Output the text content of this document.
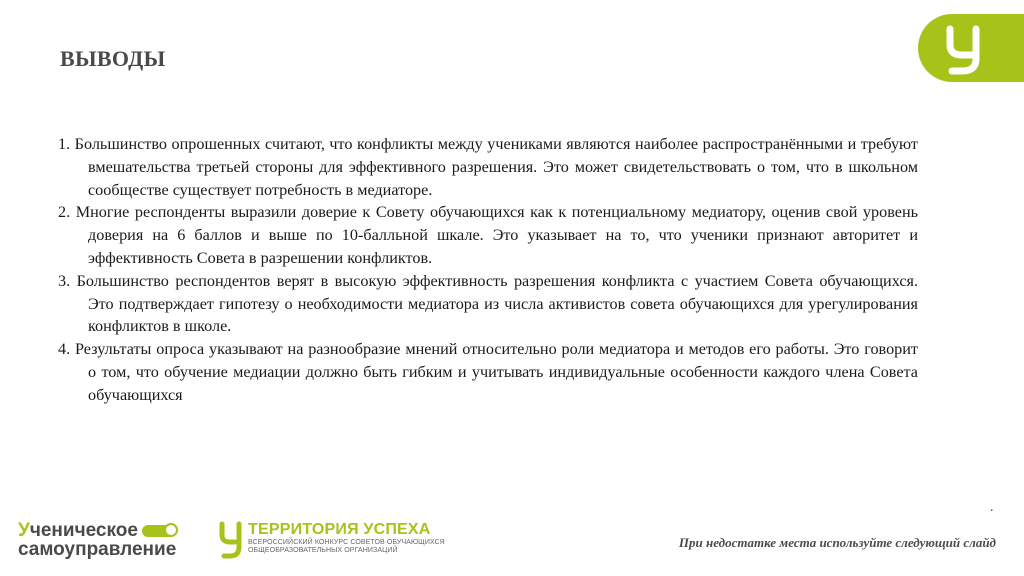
ВЫВОДЫ

1. Большинство опрошенных считают, что конфликты между учениками являются наиболее распространёнными и требуют вмешательства третьей стороны для эффективного разрешения. Это может свидетельствовать о том, что в школьном сообществе существует потребность в медиаторе.

2. Многие респонденты выразили доверие к Совету обучающихся как к потенциальному медиатору, оценив свой уровень доверия на 6 баллов и выше по 10-балльной шкале. Это указывает на то, что ученики признают авторитет и эффективность Совета в разрешении конфликтов.

3. Большинство респондентов верят в высокую эффективность разрешения конфликта с участием Совета обучающихся. Это подтверждает гипотезу о необходимости медиатора из числа активистов совета обучающихся для урегулирования конфликтов в школе.

4. Результаты опроса указывают на разнообразие мнений относительно роли медиатора и методов его работы. Это говорит о том, что обучение медиации должно быть гибким и учитывать индивидуальные особенности каждого члена Совета обучающихся

.
У ченическое
самоуправление
ТЕРРИТОРИЯ УСПЕХА
ВСЕРОССИЙСКИЙ КОНКУРС СОВЕТОВ ОБУЧАЮЩИХСЯ
ОБЩЕОБРАЗОВАТЕЛЬНЫХ ОРГАНИЗАЦИЙ
При недостатке места используйте следующий слайд
